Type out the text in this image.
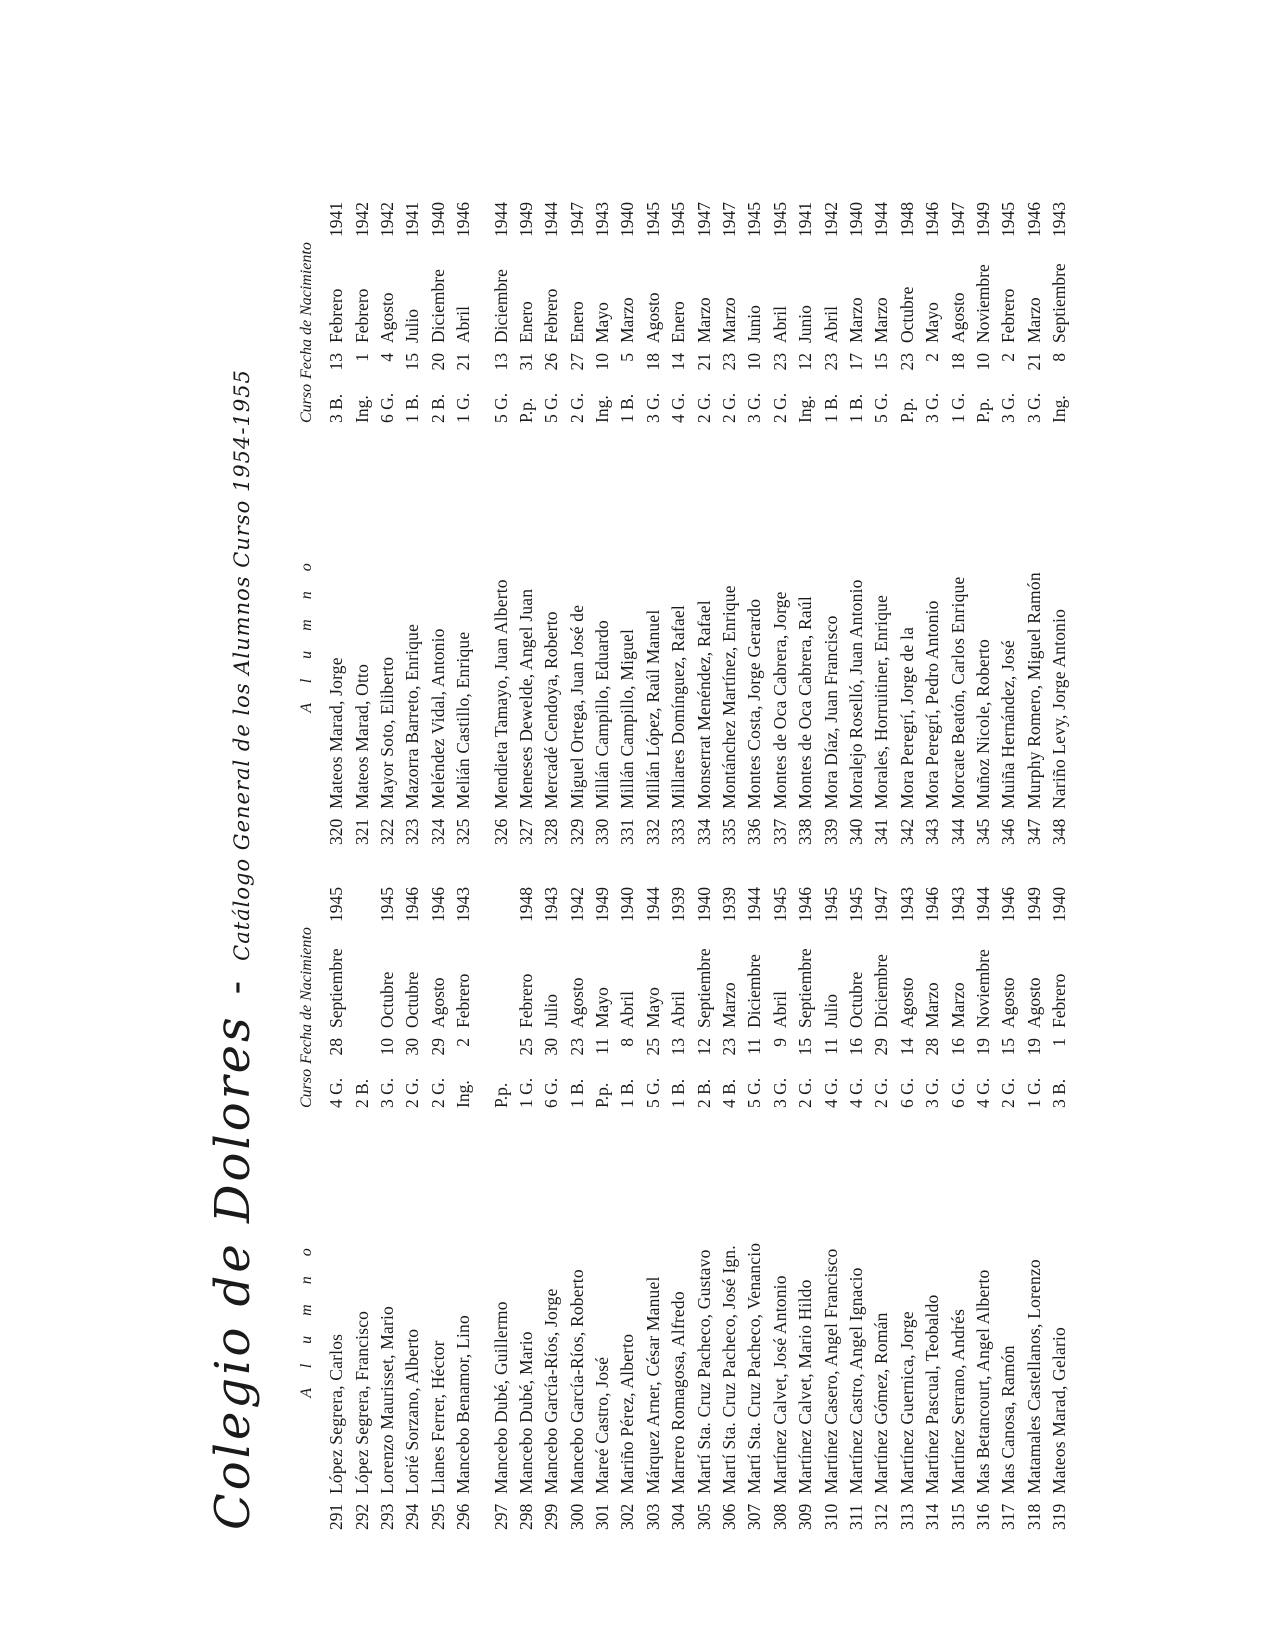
Colegio de Dolores
-
Catálogo General de los Alumnos Curso 1954-1955
A l u m n o
Curso
Fecha de Nacimiento
291
López Segrera, Carlos
4 G.
28
Septiembre
1945
292
López Segrera, Francisco
2 B.
293
Lorenzo Maurisset, Mario
3 G.
10
Octubre
1945
294
Lorié Sorzano, Alberto
2 G.
30
Octubre
1946
295
Llanes Ferrer, Héctor
2 G.
29
Agosto
1946
296
Mancebo Benamor, Lino
Ing.
2
Febrero
1943
297
Mancebo Dubé, Guillermo
P.p.
298
Mancebo Dubé, Mario
1 G.
25
Febrero
1948
299
Mancebo García-Ríos, Jorge
6 G.
30
Julio
1943
300
Mancebo García-Ríos, Roberto
1 B.
23
Agosto
1942
301
Mareé Castro, José
P.p.
11
Mayo
1949
302
Mariño Pérez, Alberto
1 B.
8
Abril
1940
303
Márquez Arner, César Manuel
5 G.
25
Mayo
1944
304
Marrero Romagosa, Alfredo
1 B.
13
Abril
1939
305
Martí Sta. Cruz Pacheco, Gustavo
2 B.
12
Septiembre
1940
306
Martí Sta. Cruz Pacheco, José Ign.
4 B.
23
Marzo
1939
307
Martí Sta. Cruz Pacheco, Venancio
5 G.
11
Diciembre
1944
308
Martínez Calvet, José Antonio
3 G.
9
Abril
1945
309
Martínez Calvet, Mario Hildo
2 G.
15
Septiembre
1946
310
Martínez Casero, Angel Francisco
4 G.
11
Julio
1945
311
Martínez Castro, Angel Ignacio
4 G.
16
Octubre
1945
312
Martínez Gómez, Román
2 G.
29
Diciembre
1947
313
Martínez Guernica, Jorge
6 G.
14
Agosto
1943
314
Martínez Pascual, Teobaldo
3 G.
28
Marzo
1946
315
Martínez Serrano, Andrés
6 G.
16
Marzo
1943
316
Mas Betancourt, Angel Alberto
4 G.
19
Noviembre
1944
317
Mas Canosa, Ramón
2 G.
15
Agosto
1946
318
Matamales Castellanos, Lorenzo
1 G.
19
Agosto
1949
319
Mateos Marad, Gelario
3 B.
1
Febrero
1940
A l u m n o
Curso
Fecha de Nacimiento
320
Mateos Marad, Jorge
3 B.
13
Febrero
1941
321
Mateos Marad, Otto
Ing.
1
Febrero
1942
322
Mayor Soto, Eliberto
6 G.
4
Agosto
1942
323
Mazorra Barreto, Enrique
1 B.
15
Julio
1941
324
Meléndez Vidal, Antonio
2 B.
20
Diciembre
1940
325
Melián Castillo, Enrique
1 G.
21
Abril
1946
326
Mendieta Tamayo, Juan Alberto
5 G.
13
Diciembre
1944
327
Meneses Dewelde, Angel Juan
P.p.
31
Enero
1949
328
Mercadé Cendoya, Roberto
5 G.
26
Febrero
1944
329
Miguel Ortega, Juan José de
2 G.
27
Enero
1947
330
Millán Campillo, Eduardo
Ing.
10
Mayo
1943
331
Millán Campillo, Miguel
1 B.
5
Marzo
1940
332
Millán López, Raúl Manuel
3 G.
18
Agosto
1945
333
Millares Domínguez, Rafael
4 G.
14
Enero
1945
334
Monserrat Menéndez, Rafael
2 G.
21
Marzo
1947
335
Montánchez Martínez, Enrique
2 G.
23
Marzo
1947
336
Montes Costa, Jorge Gerardo
3 G.
10
Junio
1945
337
Montes de Oca Cabrera, Jorge
2 G.
23
Abril
1945
338
Montes de Oca Cabrera, Raúl
Ing.
12
Junio
1941
339
Mora Díaz, Juan Francisco
1 B.
23
Abril
1942
340
Moralejo Roselló, Juan Antonio
1 B.
17
Marzo
1940
341
Morales, Horruitiner, Enrique
5 G.
15
Marzo
1944
342
Mora Peregrí, Jorge de la
P.p.
23
Octubre
1948
343
Mora Peregrí, Pedro Antonio
3 G.
2
Mayo
1946
344
Morcate Beatón, Carlos Enrique
1 G.
18
Agosto
1947
345
Muñoz Nicole, Roberto
P.p.
10
Noviembre
1949
346
Muiña Hernández, José
3 G.
2
Febrero
1945
347
Murphy Romero, Miguel Ramón
3 G.
21
Marzo
1946
348
Nariño Levy, Jorge Antonio
Ing.
8
Septiembre
1943
